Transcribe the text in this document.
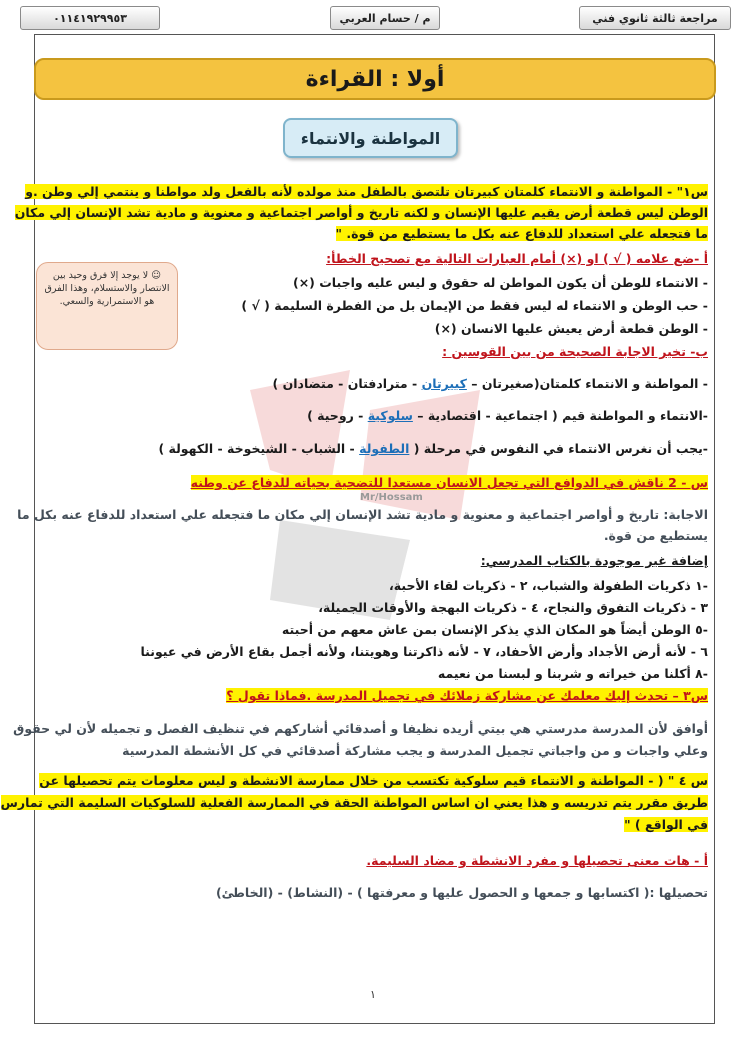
٠١١٤١٩٢٩٩٥٣	م / حسام العربي	مراجعة ثالثة ثانوي فني
أولا : القراءة
المواطنة والانتماء
Mr/Hossam
س١" - المواطنة و الانتماء كلمتان كبيرتان تلتصق بالطفل منذ مولده لأنه بالفعل ولد مواطنا و ينتمي إلي وطن .و
الوطن ليس قطعة أرض يقيم عليها الإنسان و لكنه تاريخ و أواصر اجتماعية و معنوية و مادية تشد الإنسان إلي مكان
ما فتجعله علي استعداد للدفاع عنه بكل ما يستطيع من قوة. "
أ -ضع علامه ( √ ) او (×) أمام العبارات التالية مع تصحيح الخطأ:
- الانتماء للوطن أن يكون المواطن له حقوق و ليس عليه واجبات (×)
- حب الوطن و الانتماء له ليس فقط من الإيمان بل من الفطرة السليمة ( √ )
- الوطن قطعة أرض يعيش عليها الانسان (×)
☺ لا يوجد إلا فرق وحيد بين الانتصار والاستسلام، وهذا الفرق هو الاستمرارية والسعي.
ب- تخير الاجابة الصحيحة من بين القوسين :
- المواطنة و الانتماء كلمتان(صغيرتان – كبيرتان - مترادفتان - متضادان )
-الانتماء و المواطنة قيم ( اجتماعية - اقتصادية – سلوكية - روحية )
-يجب أن نغرس الانتماء في النفوس في مرحلة ( الطفولة - الشباب - الشيخوخة - الكهولة )
س - 2 ناقش في الدوافع التي تجعل الانسان مستعدا للتضحية بحياته للدفاع عن وطنه
الاجابة: تاريخ و أواصر اجتماعية و معنوية و مادية تشد الإنسان إلي مكان ما فتجعله علي استعداد للدفاع عنه بكل ما
يستطيع من قوة.
إضافة غير موجودة بالكتاب المدرسي:
-١ ذكريات الطفولة والشباب، ٢ - ذكريات لقاء الأحبة،
٣ - ذكريات التفوق والنجاح، ٤ - ذكريات البهجة والأوقات الجميلة،
-٥ الوطن أيضاً هو المكان الذي يذكر الإنسان بمن عاش معهم من أحبته
٦ - لأنه أرض الأجداد وأرض الأحفاد، ٧ - لأنه ذاكرتنا وهويتنا، ولأنه أجمل بقاع الأرض في عيوننا
-٨ أكلنا من خيراته و شربنا و لبسنا من نعيمه
س٣ – تحدث إليك معلمك عن مشاركة زملائك في تجميل المدرسة .فماذا تقول ؟
أوافق لأن المدرسة مدرستي هي بيتي أريده نظيفا و أصدقائي أشاركهم في تنظيف الفصل و تجميله لأن لي حقوق
وعلي واجبات و من واجباتي تجميل المدرسة و يجب مشاركة أصدقائي في كل الأنشطة المدرسية
س ٤ " ( - المواطنة و الانتماء قيم سلوكية تكتسب من خلال ممارسة الانشطة و ليس معلومات يتم تحصيلها عن
طريق مقرر يتم تدريسه و هذا يعني ان اساس المواطنة الحقة في الممارسة الفعلية للسلوكيات السليمة التي تمارس
في الواقع ) "
أ - هات معنى تحصيلها و مفرد الانشطة و مضاد السليمة.
تحصيلها :( اكتسابها و جمعها و الحصول عليها و معرفتها ) - (النشاط) - (الخاطئ)
١
